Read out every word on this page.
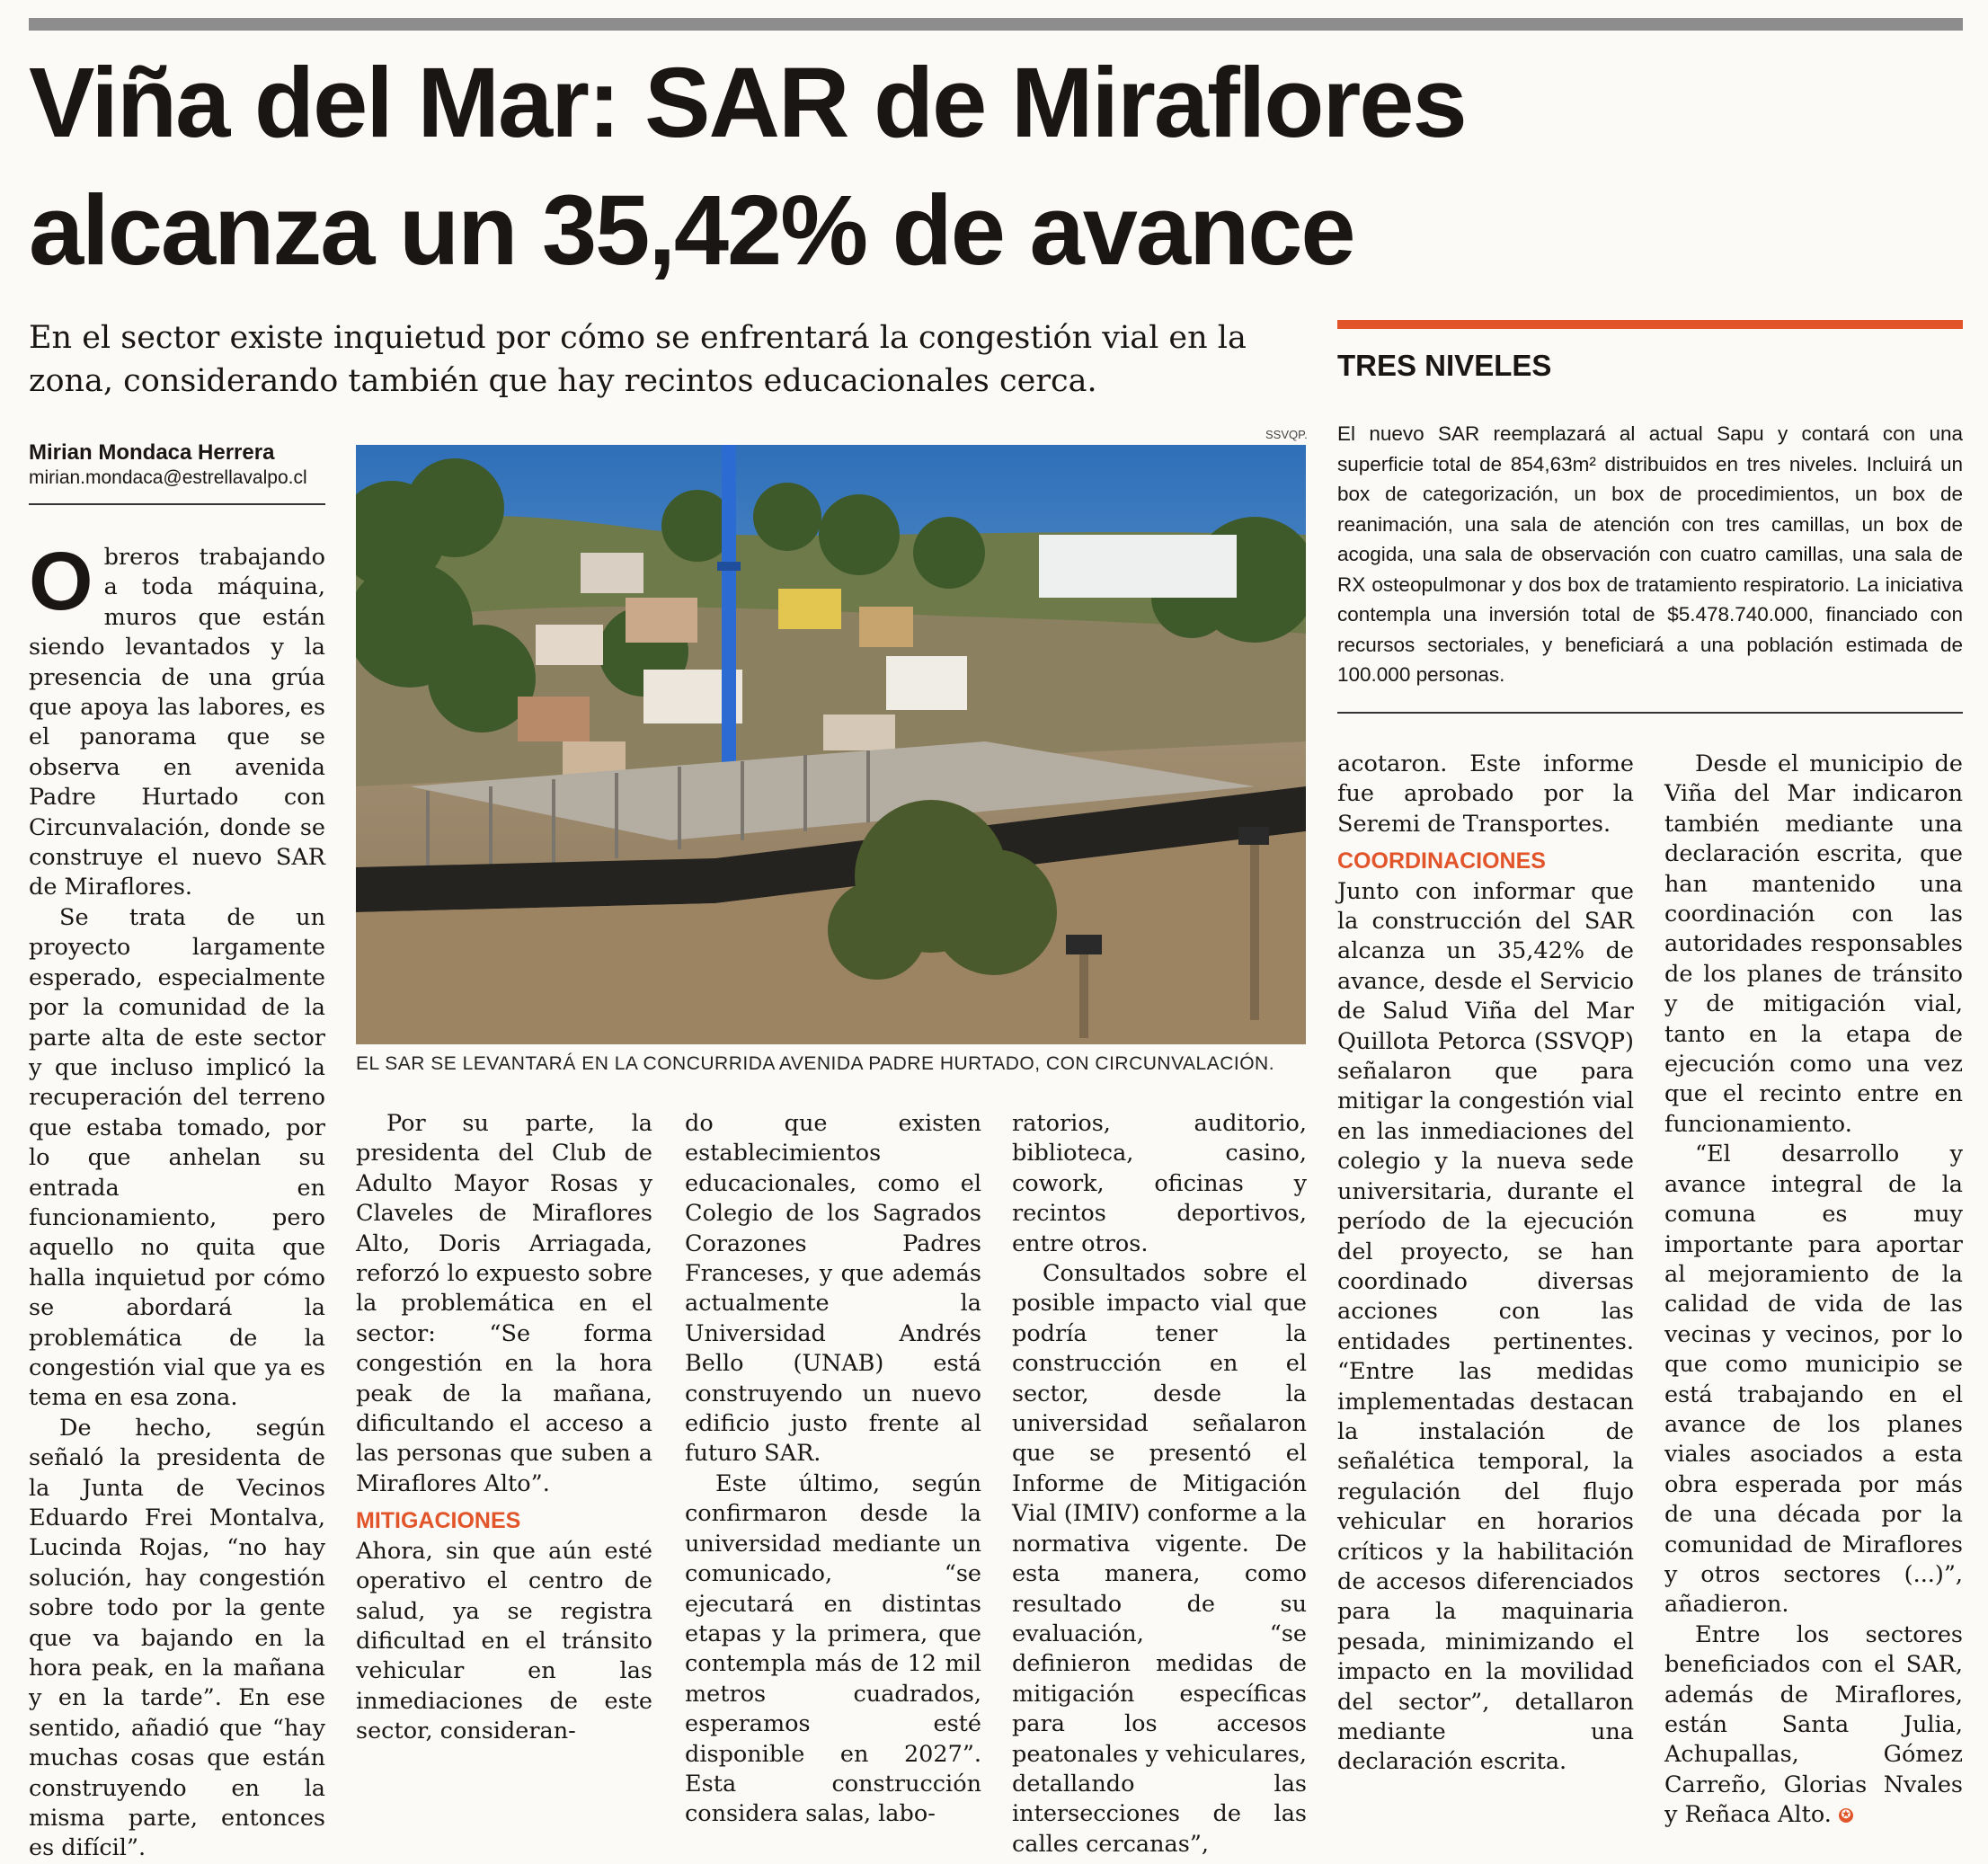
Viña del Mar: SAR de Miraflores
alcanza un 35,42% de avance
En el sector existe inquietud por cómo se enfrentará la congestión vial en la zona, considerando también que hay recintos educacionales cerca.
Mirian Mondaca Herrera
mirian.mondaca@estrellavalpo.cl
SSVQP.
EL SAR SE LEVANTARÁ EN LA CONCURRIDA AVENIDA PADRE HURTADO, CON CIRCUNVALACIÓN.
TRES NIVELES
El nuevo SAR reemplazará al actual Sapu y contará con una superficie total de 854,63m² distribuidos en tres niveles. Incluirá un box de categorización, un box de procedimientos, un box de reanimación, una sala de atención con tres camillas, un box de acogida, una sala de observación con cuatro camillas, una sala de RX osteopulmonar y dos box de tratamiento respiratorio. La iniciativa contempla una inversión total de $5.478.740.000, financiado con recursos sectoriales, y beneficiará a una población estimada de 100.000 personas.

Obreros trabajando a toda máquina, muros que están siendo levantados y la presencia de una grúa que apoya las labores, es el panorama que se observa en avenida Padre Hurtado con Circunvalación, donde se construye el nuevo SAR de Miraflores.

Se trata de un proyecto largamente esperado, especialmente por la comunidad de la parte alta de este sector y que incluso implicó la recuperación del terreno que estaba tomado, por lo que anhelan su entrada en funcionamiento, pero aquello no quita que halla inquietud por cómo se abordará la problemática de la congestión vial que ya es tema en esa zona.

De hecho, según señaló la presidenta de la Junta de Vecinos Eduardo Frei Montalva, Lucinda Rojas, “no hay solución, hay congestión sobre todo por la gente que va bajando en la hora peak, en la mañana y en la tarde”. En ese sentido, añadió que “hay muchas cosas que están construyendo en la misma parte, entonces es difícil”.

Por su parte, la presidenta del Club de Adulto Mayor Rosas y Claveles de Miraflores Alto, Doris Arriagada, reforzó lo expuesto sobre la problemática en el sector: “Se forma congestión en la hora peak de la mañana, dificultando el acceso a las personas que suben a Miraflores Alto”.

MITIGACIONES

Ahora, sin que aún esté operativo el centro de salud, ya se registra dificultad en el tránsito vehicular en las inmediaciones de este sector, consideran-

do que existen establecimientos educacionales, como el Colegio de los Sagrados Corazones Padres Franceses, y que además actualmente la Universidad Andrés Bello (UNAB) está construyendo un nuevo edificio justo frente al futuro SAR.

Este último, según confirmaron desde la universidad mediante un comunicado, “se ejecutará en distintas etapas y la primera, que contempla más de 12 mil metros cuadrados, esperamos esté disponible en 2027”. Esta construcción considera salas, labo-

ratorios, auditorio, biblioteca, casino, cowork, oficinas y recintos deportivos, entre otros.

Consultados sobre el posible impacto vial que podría tener la construcción en el sector, desde la universidad señalaron que se presentó el Informe de Mitigación Vial (IMIV) conforme a la normativa vigente. De esta manera, como resultado de su evaluación, “se definieron medidas de mitigación específicas para los accesos peatonales y vehiculares, detallando las intersecciones de las calles cercanas”,

acotaron. Este informe fue aprobado por la Seremi de Transportes.

COORDINACIONES

Junto con informar que la construcción del SAR alcanza un 35,42% de avance, desde el Servicio de Salud Viña del Mar Quillota Petorca (SSVQP) señalaron que para mitigar la congestión vial en las inmediaciones del colegio y la nueva sede universitaria, durante el período de la ejecución del proyecto, se han coordinado diversas acciones con las entidades pertinentes. “Entre las medidas implementadas destacan la instalación de señalética temporal, la regulación del flujo vehicular en horarios críticos y la habilitación de accesos diferenciados para la maquinaria pesada, minimizando el impacto en la movilidad del sector”, detallaron mediante una declaración escrita.

Desde el municipio de Viña del Mar indicaron también mediante una declaración escrita, que han mantenido una coordinación con las autoridades responsables de los planes de tránsito y de mitigación vial, tanto en la etapa de ejecución como una vez que el recinto entre en funcionamiento.

“El desarrollo y avance integral de la comuna es muy importante para aportar al mejoramiento de la calidad de vida de las vecinas y vecinos, por lo que como municipio se está trabajando en el avance de los planes viales asociados a esta obra esperada por más de una década por la comunidad de Miraflores y otros sectores (...)”, añadieron.

Entre los sectores beneficiados con el SAR, además de Miraflores, están Santa Julia, Achupallas, Gómez Carreño, Glorias Nvales y Reñaca Alto. ✪
